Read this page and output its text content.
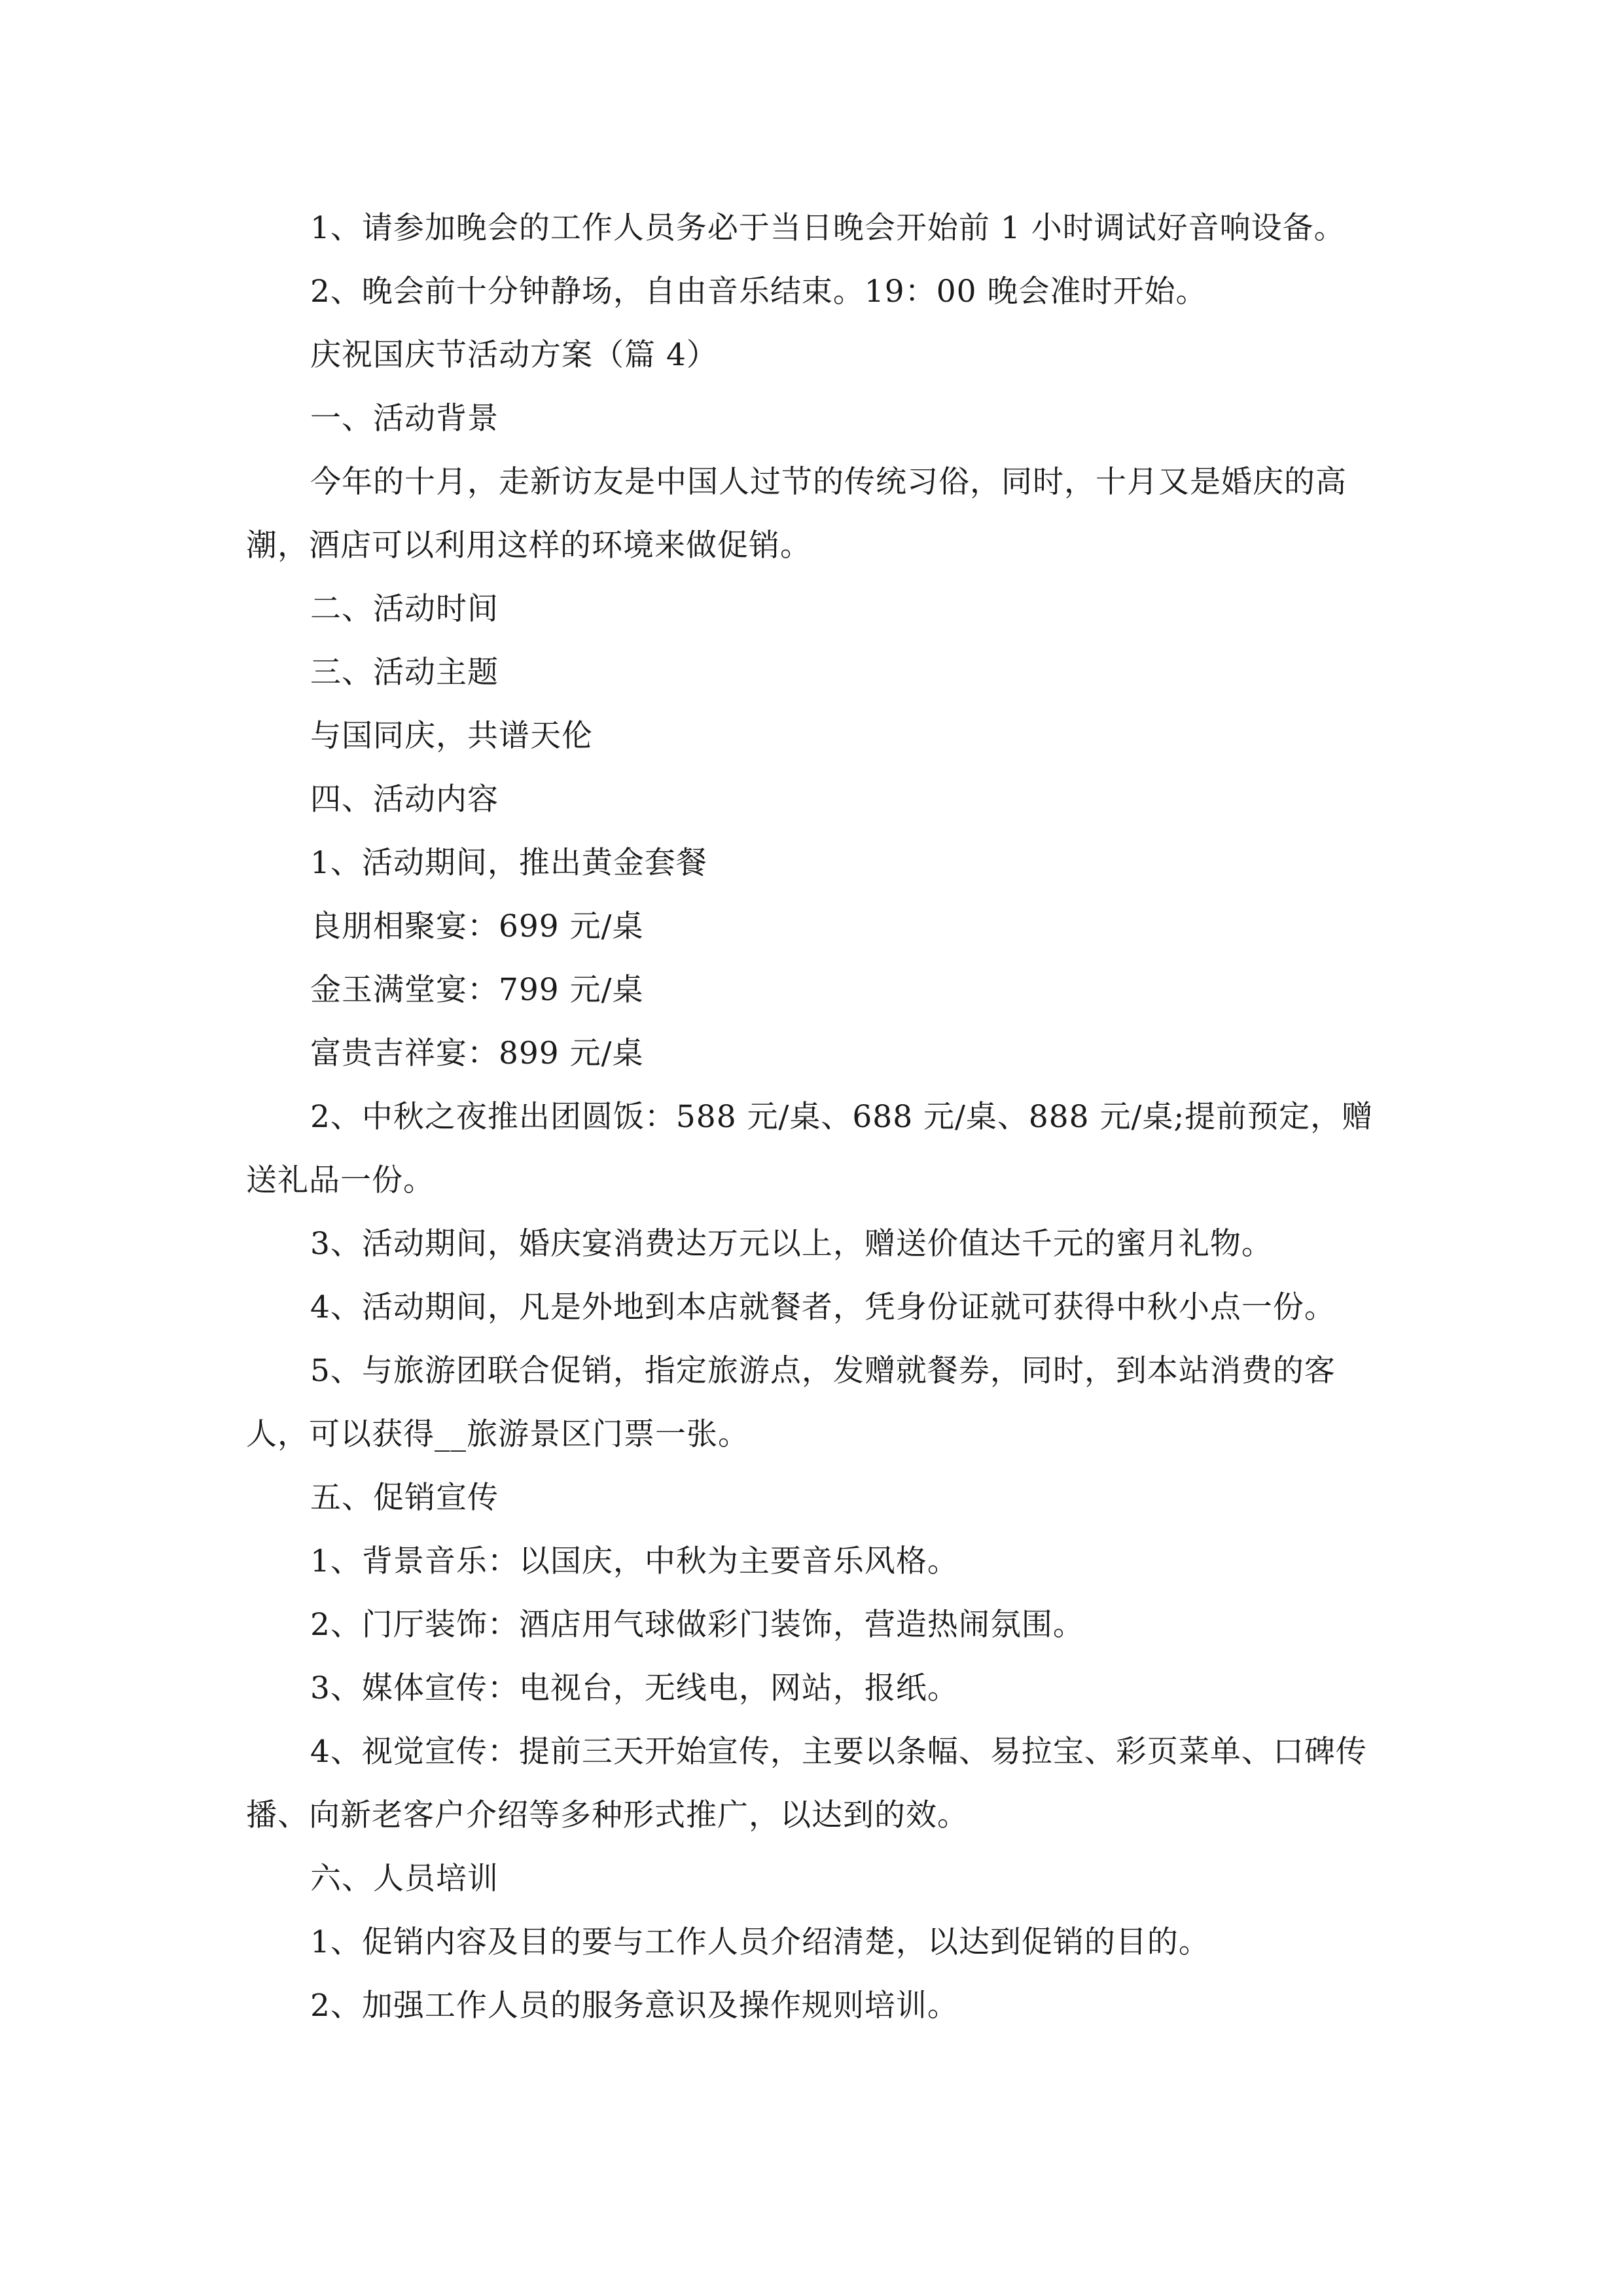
1、请参加晚会的工作人员务必于当日晚会开始前 1 小时调试好音响设备。

2、晚会前十分钟静场，自由音乐结束。19：00 晚会准时开始。

庆祝国庆节活动方案（篇 4）

一、活动背景

今年的十月，走新访友是中国人过节的传统习俗，同时，十月又是婚庆的高潮，酒店可以利用这样的环境来做促销。

二、活动时间

三、活动主题

与国同庆，共谱天伦

四、活动内容

1、活动期间，推出黄金套餐

良朋相聚宴：699 元/桌

金玉满堂宴：799 元/桌

富贵吉祥宴：899 元/桌

2、中秋之夜推出团圆饭：588 元/桌、688 元/桌、888 元/桌;提前预定，赠送礼品一份。

3、活动期间，婚庆宴消费达万元以上，赠送价值达千元的蜜月礼物。

4、活动期间，凡是外地到本店就餐者，凭身份证就可获得中秋小点一份。

5、与旅游团联合促销，指定旅游点，发赠就餐券，同时，到本站消费的客人，可以获得__旅游景区门票一张。

五、促销宣传

1、背景音乐：以国庆，中秋为主要音乐风格。

2、门厅装饰：酒店用气球做彩门装饰，营造热闹氛围。

3、媒体宣传：电视台，无线电，网站，报纸。

4、视觉宣传：提前三天开始宣传，主要以条幅、易拉宝、彩页菜单、口碑传播、向新老客户介绍等多种形式推广，以达到的效。

六、人员培训

1、促销内容及目的要与工作人员介绍清楚，以达到促销的目的。

2、加强工作人员的服务意识及操作规则培训。
